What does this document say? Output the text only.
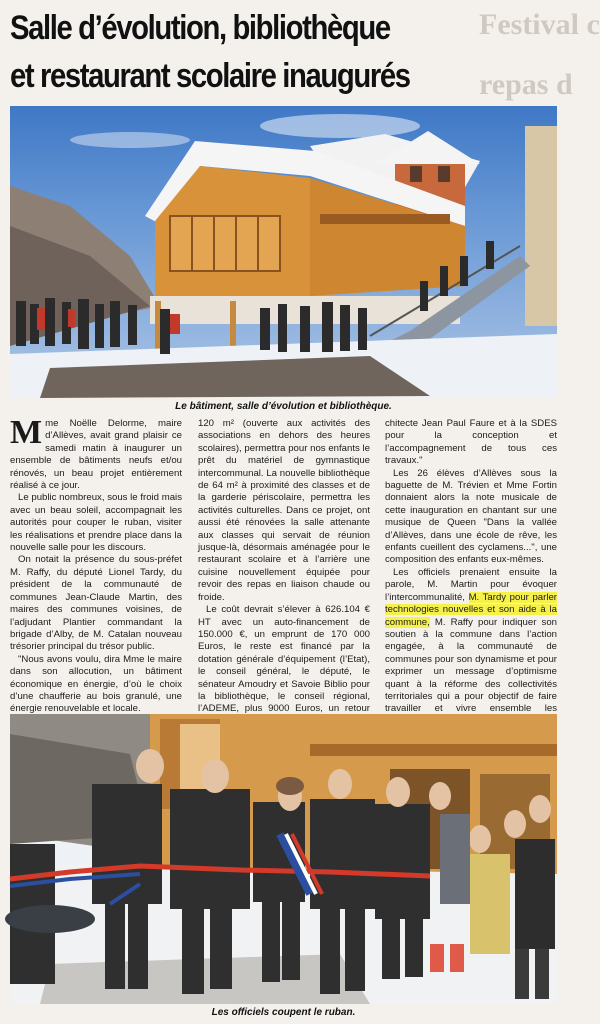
Festival c
repas d
Salle d’évolution, bibliothèque
et restaurant scolaire inaugurés
Le bâtiment, salle d’évolution et bibliothèque.

Mme Noëlle Delorme, maire d’Allèves, avait grand plaisir ce samedi matin à inaugurer un ensemble de bâtiments neufs et/ou rénovés, un beau projet entièrement réalisé à ce jour.

Le public nombreux, sous le froid mais avec un beau soleil, accompagnait les autorités pour couper le ruban, visiter les réalisations et prendre place dans la nouvelle salle pour les discours.

On notait la présence du sous-préfet M. Raffy, du député Lionel Tardy, du président de la communauté de communes Jean-Claude Martin, des maires des communes voisines, de l’adjudant Plantier commandant la brigade d’Alby, de M. Catalan nouveau trésorier principal du trésor public.

"Nous avons voulu, dira Mme le maire dans son allocution, un bâtiment économique en énergie, d’où le choix d’une chaufferie au bois granulé, une énergie renouvelable et locale.

120 m² (ouverte aux activités des associations en dehors des heures scolaires), permettra pour nos enfants le prêt du matériel de gymnastique intercommunal. La nouvelle bibliothèque de 64 m² à proximité des classes et de la garderie périscolaire, permettra les activités culturelles. Dans ce projet, ont aussi été rénovées la salle attenante aux classes qui servait de réunion jusque-là, désormais aménagée pour le restaurant scolaire et à l’arrière une cuisine nouvellement équipée pour revoir des repas en liaison chaude ou froide.

Le coût devrait s’élever à 626.104 € HT avec un auto-financement de 150.000 €, un emprunt de 170 000 Euros, le reste est financé par la dotation générale d’équipement (l’Etat), le conseil général, le député, le sénateur Amoudry et Savoie Biblio pour la bibliothèque, le conseil régional, l’ADEME, plus 9000 Euros, un retour

chitecte Jean Paul Faure et à la SDES pour la conception et l’accompagnement de tous ces travaux."

Les 26 élèves d’Allèves sous la baguette de M. Trévien et Mme Fortin donnaient alors la note musicale de cette inauguration en chantant sur une musique de Queen "Dans la vallée d’Allèves, dans une école de rêve, les enfants cueillent des cyclamens...", une composition des enfants eux-mêmes.

Les officiels prenaient ensuite la parole, M. Martin pour évoquer l’intercommunalité, M. Tardy pour parler technologies nouvelles et son aide à la commune, M. Raffy pour indiquer son soutien à la commune dans l’action engagée, à la communauté de communes pour son dynamisme et pour exprimer un message d’optimisme quant à la réforme des collectivités territoriales qui a pour objectif de faire travailler et vivre ensemble les

Les officiels coupent le ruban.
